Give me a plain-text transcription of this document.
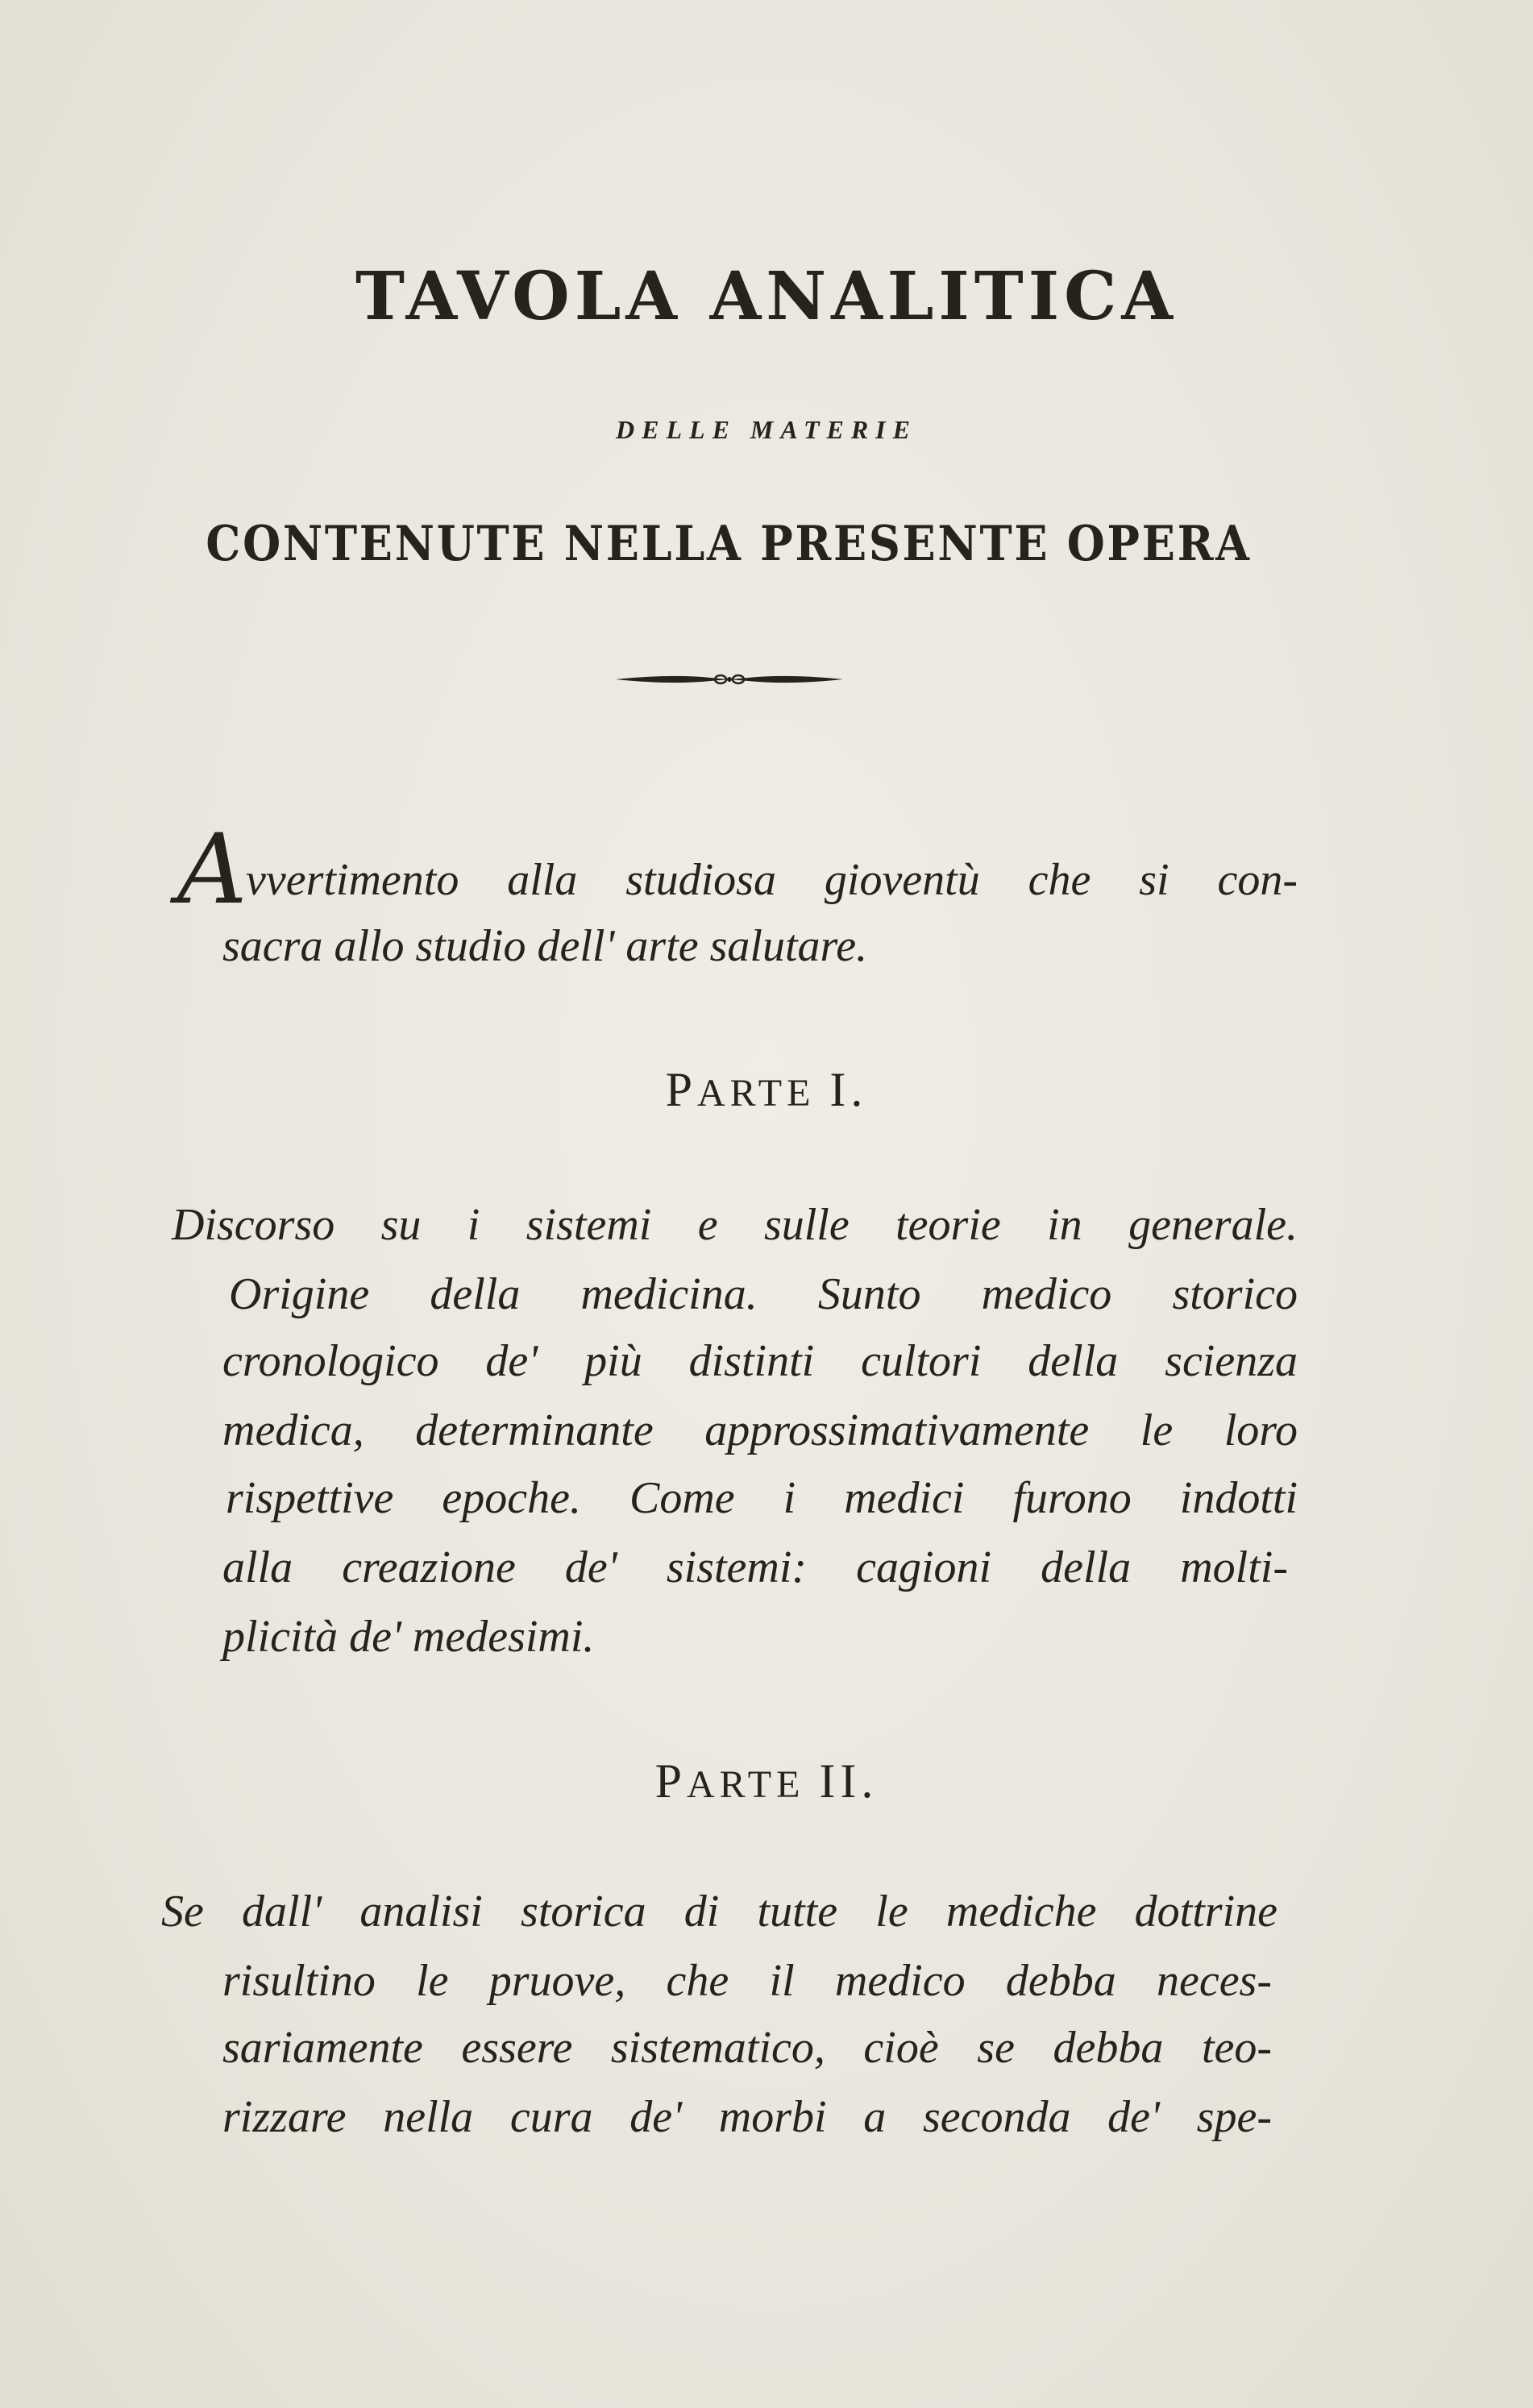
TAVOLA ANALITICA
DELLE MATERIE
CONTENUTE NELLA PRESENTE OPERA
A
vvertimento alla studiosa gioventù che si con-
sacra allo studio dell' arte salutare.
PARTE I.
Discorso su i sistemi e sulle teorie in generale.
Origine della medicina. Sunto medico storico
cronologico de' più distinti cultori della scienza
medica, determinante approssimativamente le loro
rispettive epoche. Come i medici furono indotti
alla creazione de' sistemi: cagioni della molti-
plicità de' medesimi.
PARTE II.
Se dall' analisi storica di tutte le mediche dottrine
risultino le pruove, che il medico debba neces-
sariamente essere sistematico, cioè se debba teo-
rizzare nella cura de' morbi a seconda de' spe-
